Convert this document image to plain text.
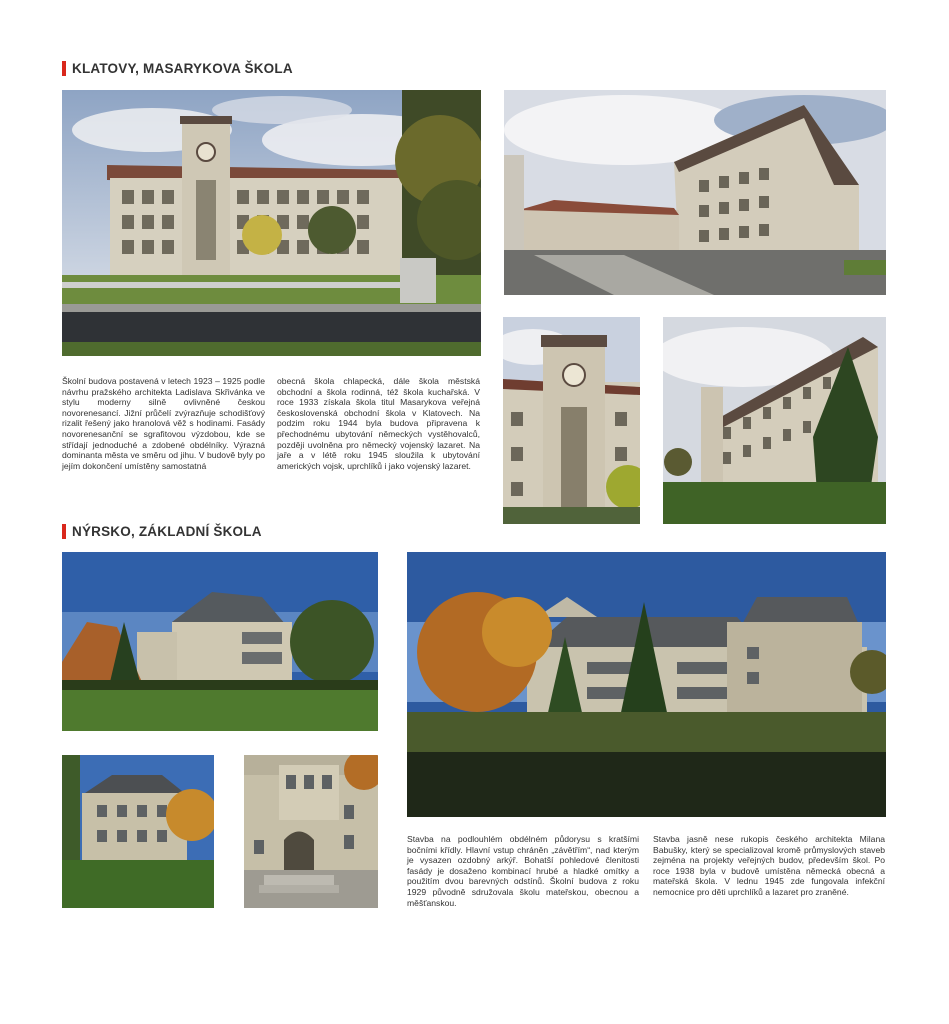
KLATOVY, MASARYKOVA ŠKOLA
Školní budova postavená v letech 1923 – 1925 podle návrhu pražského architekta Ladislava Skřivánka ve stylu moderny silně ovlivněné českou novorenesancí. Jižní průčelí zvýrazňuje schodišťový rizalit řešený jako hranolová věž s hodinami. Fasády novorenesanční se sgrafitovou výzdobou, kde se střídají jednoduché a zdobené obdélníky. Výrazná dominanta města ve směru od jihu. V budově byly po jejím dokončení umístěny samostatná
obecná škola chlapecká, dále škola městská obchodní a škola rodinná, též škola kuchařská. V roce 1933 získala škola titul Masarykova veřejná československá obchodní škola v Klatovech. Na podzim roku 1944 byla budova připravena k přechodnému ubytování německých vystěhovalců, později uvolněna pro německý vojenský lazaret. Na jaře a v létě roku 1945 sloužila k ubytování amerických vojsk, uprchlíků i jako vojenský lazaret.
NÝRSKO, ZÁKLADNÍ ŠKOLA
Stavba na podlouhlém obdélném půdorysu s kratšími bočními křídly. Hlavní vstup chráněn „závětřím“, nad kterým je vysazen ozdobný arkýř. Bohatší pohledové členitosti fasády je dosaženo kombinací hrubé a hladké omítky a použitím dvou barevných odstínů. Školní budova z roku 1929 původně sdružovala školu mateřskou, obecnou a měšťanskou.
Stavba jasně nese rukopis českého architekta Milana Babušky, který se specializoval kromě průmyslových staveb zejména na projekty veřejných budov, především škol. Po roce 1938 byla v budově umístěna německá obecná a mateřská škola. V lednu 1945 zde fungovala infekční nemocnice pro děti uprchlíků a lazaret pro zraněné.
